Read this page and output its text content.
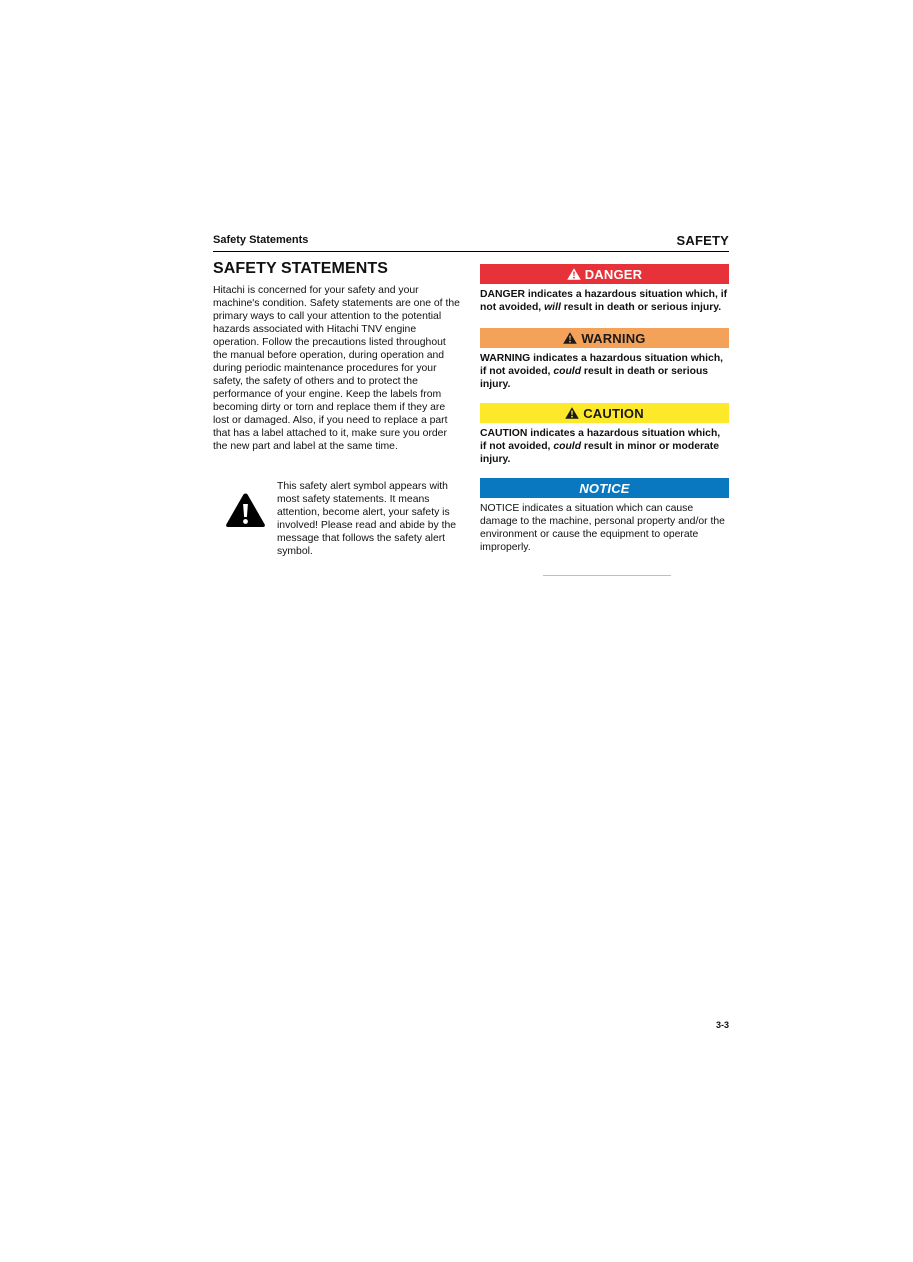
Safety Statements	SAFETY
SAFETY STATEMENTS

Hitachi is concerned for your safety and your machine's condition. Safety statements are one of the primary ways to call your attention to the potential hazards associated with Hitachi TNV engine operation. Follow the precautions listed throughout the manual before operation, during operation and during periodic maintenance procedures for your safety, the safety of others and to protect the performance of your engine. Keep the labels from becoming dirty or torn and replace them if they are lost or damaged. Also, if you need to replace a part that has a label attached to it, make sure you order the new part and label at the same time.

This safety alert symbol appears with most safety statements. It means attention, become alert, your safety is involved! Please read and abide by the message that follows the safety alert symbol.

DANGER

DANGER indicates a hazardous situation which, if not avoided, will result in death or serious injury.

WARNING

WARNING indicates a hazardous situation which, if not avoided, could result in death or serious injury.

CAUTION

CAUTION indicates a hazardous situation which, if not avoided, could result in minor or moderate injury.

NOTICE

NOTICE indicates a situation which can cause damage to the machine, personal property and/or the environment or cause the equipment to operate improperly.

3-3
